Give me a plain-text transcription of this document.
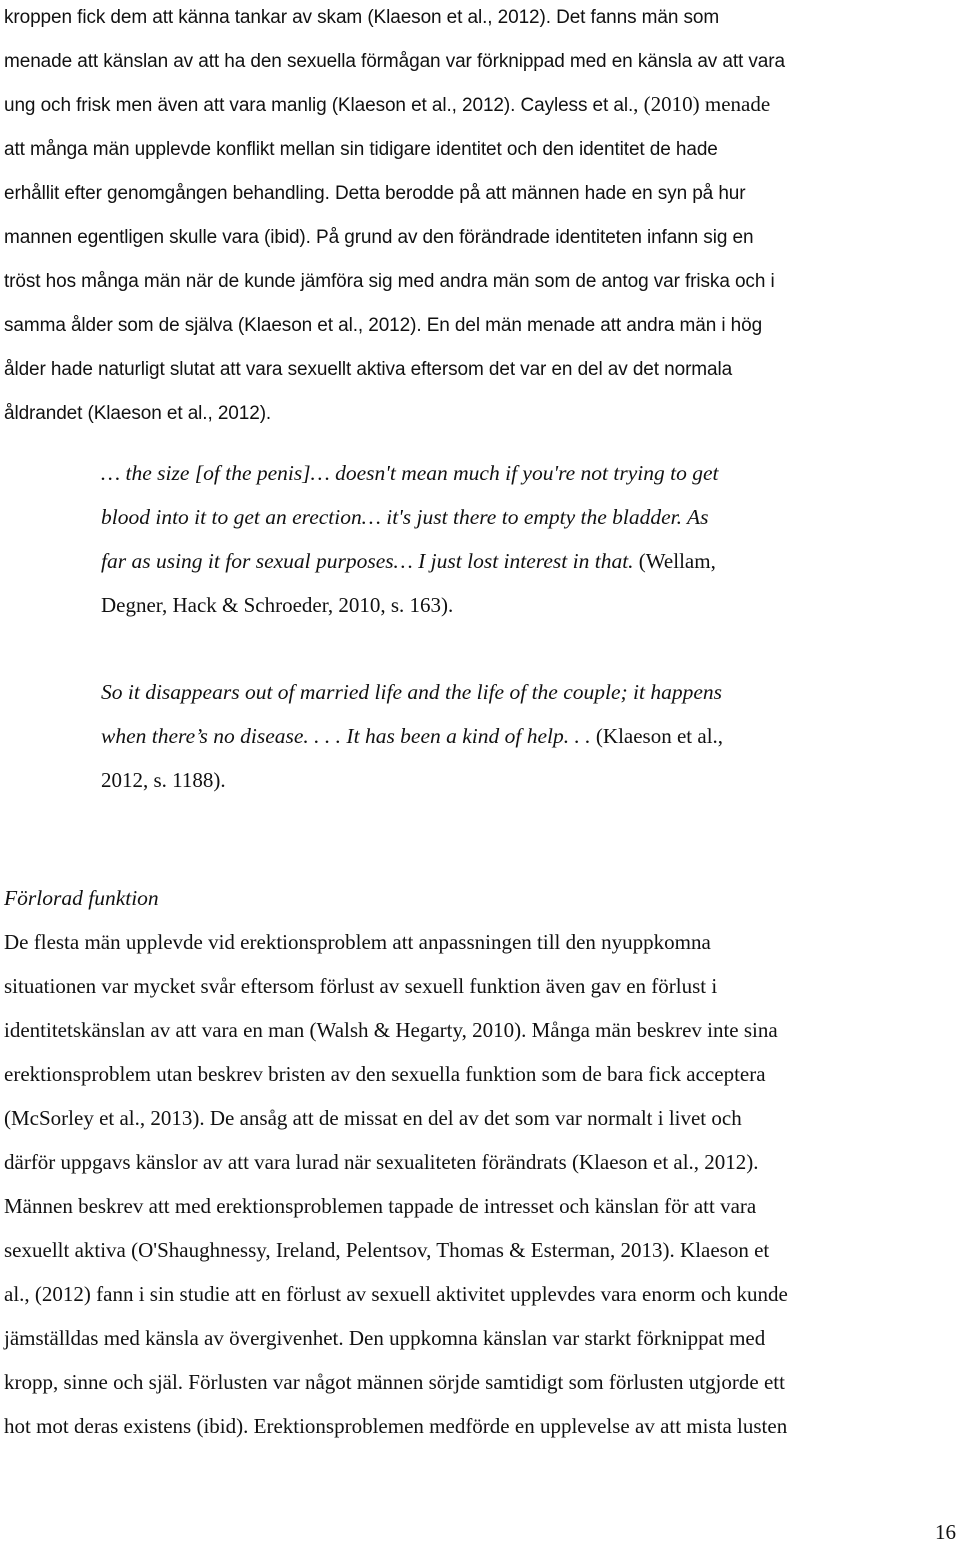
kroppen fick dem att känna tankar av skam (Klaeson et al., 2012). Det fanns män som
menade att känslan av att ha den sexuella förmågan var förknippad med en känsla av att vara
ung och frisk men även att vara manlig (Klaeson et al., 2012). Cayless et al., (2010) menade
att många män upplevde konflikt mellan sin tidigare identitet och den identitet de hade
erhållit efter genomgången behandling. Detta berodde på att männen hade en syn på hur
mannen egentligen skulle vara (ibid). På grund av den förändrade identiteten infann sig en
tröst hos många män när de kunde jämföra sig med andra män som de antog var friska och i
samma ålder som de själva (Klaeson et al., 2012). En del män menade att andra män i hög
ålder hade naturligt slutat att vara sexuellt aktiva eftersom det var en del av det normala
åldrandet (Klaeson et al., 2012).
… the size [of the penis]… doesn't mean much if you're not trying to get
blood into it to get an erection… it's just there to empty the bladder. As
far as using it for sexual purposes… I just lost interest in that. (Wellam,
Degner, Hack & Schroeder, 2010, s. 163).
So it disappears out of married life and the life of the couple; it happens
when there’s no disease. . . . It has been a kind of help. . . (Klaeson et al.,
2012, s. 1188).
Förlorad funktion
De flesta män upplevde vid erektionsproblem att anpassningen till den nyuppkomna
situationen var mycket svår eftersom förlust av sexuell funktion även gav en förlust i
identitetskänslan av att vara en man (Walsh & Hegarty, 2010). Många män beskrev inte sina
erektionsproblem utan beskrev bristen av den sexuella funktion som de bara fick acceptera
(McSorley et al., 2013). De ansåg att de missat en del av det som var normalt i livet och
därför uppgavs känslor av att vara lurad när sexualiteten förändrats (Klaeson et al., 2012).
Männen beskrev att med erektionsproblemen tappade de intresset och känslan för att vara
sexuellt aktiva (O'Shaughnessy, Ireland, Pelentsov, Thomas & Esterman, 2013). Klaeson et
al., (2012) fann i sin studie att en förlust av sexuell aktivitet upplevdes vara enorm och kunde
jämställdas med känsla av övergivenhet. Den uppkomna känslan var starkt förknippat med
kropp, sinne och själ. Förlusten var något männen sörjde samtidigt som förlusten utgjorde ett
hot mot deras existens (ibid). Erektionsproblemen medförde en upplevelse av att mista lusten
16
